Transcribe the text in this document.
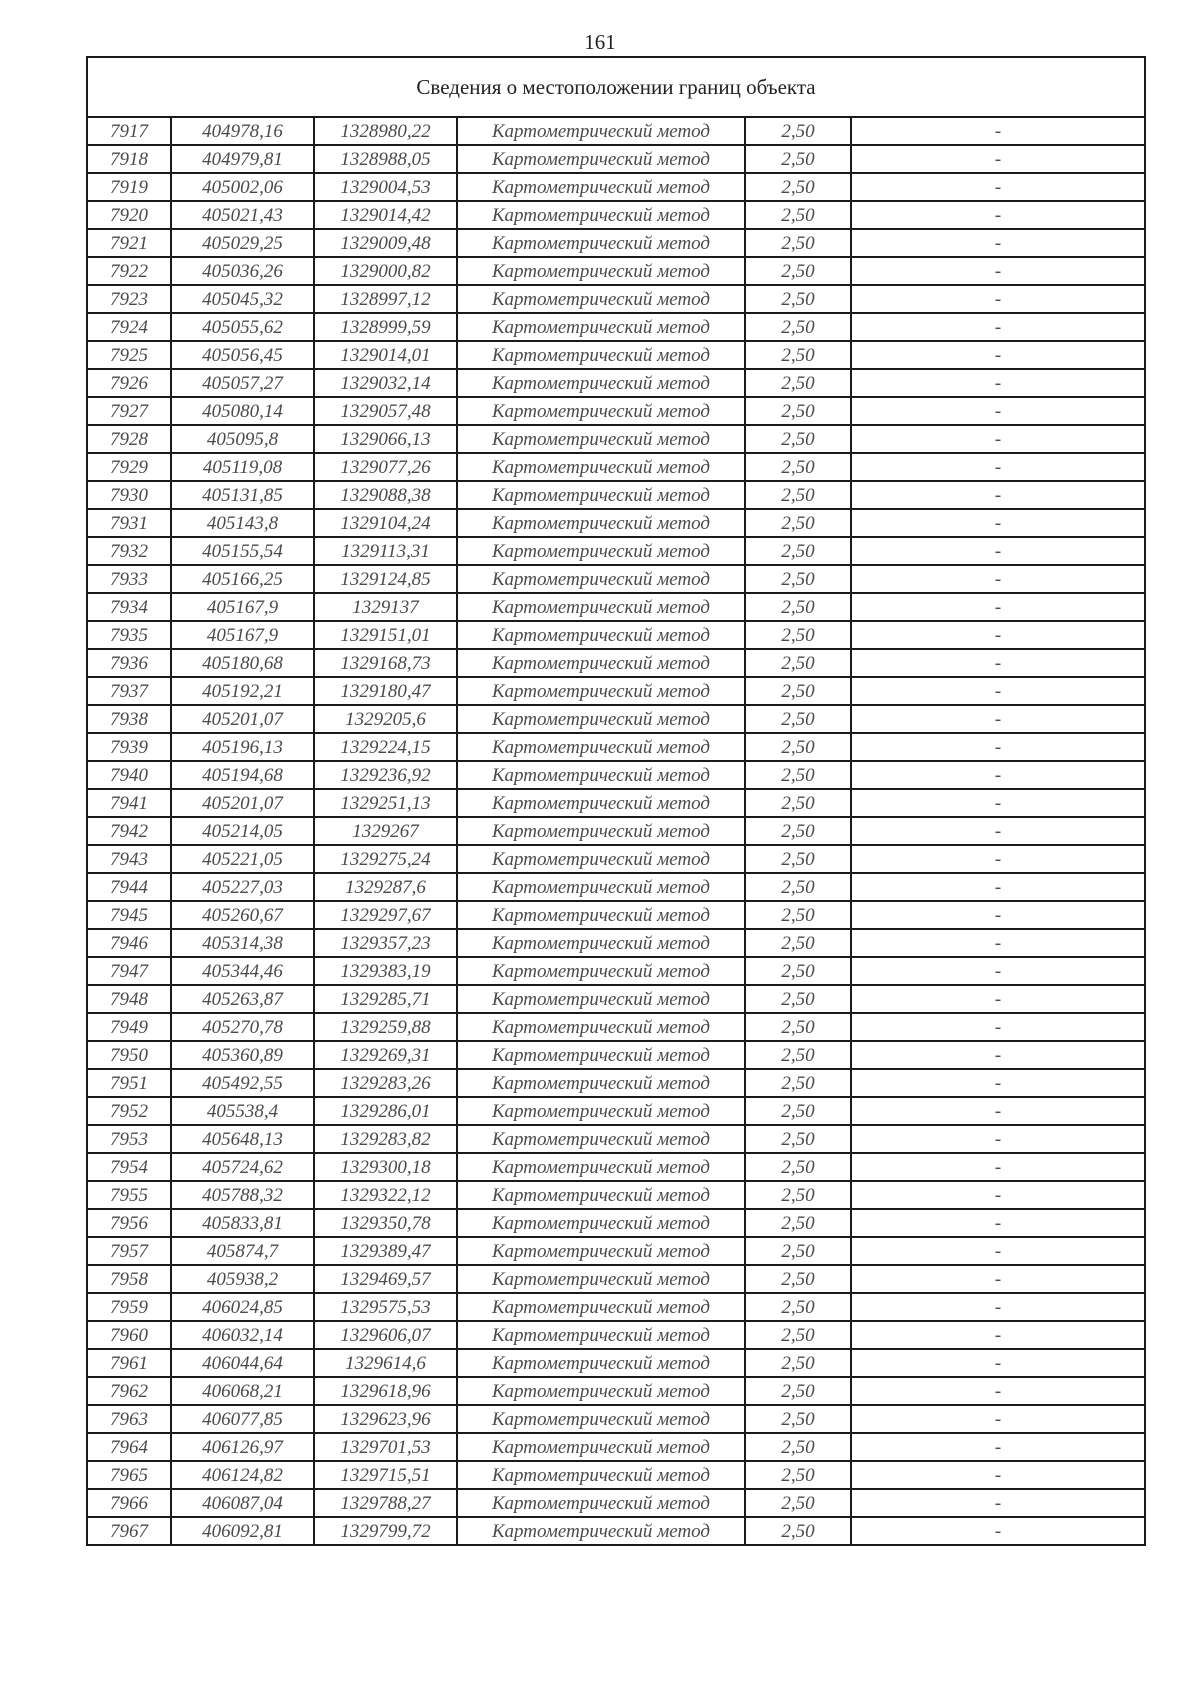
161
Сведения о местоположении границ объекта					
7917	404978,16	1328980,22	Картометрический метод	2,50	-
7918	404979,81	1328988,05	Картометрический метод	2,50	-
7919	405002,06	1329004,53	Картометрический метод	2,50	-
7920	405021,43	1329014,42	Картометрический метод	2,50	-
7921	405029,25	1329009,48	Картометрический метод	2,50	-
7922	405036,26	1329000,82	Картометрический метод	2,50	-
7923	405045,32	1328997,12	Картометрический метод	2,50	-
7924	405055,62	1328999,59	Картометрический метод	2,50	-
7925	405056,45	1329014,01	Картометрический метод	2,50	-
7926	405057,27	1329032,14	Картометрический метод	2,50	-
7927	405080,14	1329057,48	Картометрический метод	2,50	-
7928	405095,8	1329066,13	Картометрический метод	2,50	-
7929	405119,08	1329077,26	Картометрический метод	2,50	-
7930	405131,85	1329088,38	Картометрический метод	2,50	-
7931	405143,8	1329104,24	Картометрический метод	2,50	-
7932	405155,54	1329113,31	Картометрический метод	2,50	-
7933	405166,25	1329124,85	Картометрический метод	2,50	-
7934	405167,9	1329137	Картометрический метод	2,50	-
7935	405167,9	1329151,01	Картометрический метод	2,50	-
7936	405180,68	1329168,73	Картометрический метод	2,50	-
7937	405192,21	1329180,47	Картометрический метод	2,50	-
7938	405201,07	1329205,6	Картометрический метод	2,50	-
7939	405196,13	1329224,15	Картометрический метод	2,50	-
7940	405194,68	1329236,92	Картометрический метод	2,50	-
7941	405201,07	1329251,13	Картометрический метод	2,50	-
7942	405214,05	1329267	Картометрический метод	2,50	-
7943	405221,05	1329275,24	Картометрический метод	2,50	-
7944	405227,03	1329287,6	Картометрический метод	2,50	-
7945	405260,67	1329297,67	Картометрический метод	2,50	-
7946	405314,38	1329357,23	Картометрический метод	2,50	-
7947	405344,46	1329383,19	Картометрический метод	2,50	-
7948	405263,87	1329285,71	Картометрический метод	2,50	-
7949	405270,78	1329259,88	Картометрический метод	2,50	-
7950	405360,89	1329269,31	Картометрический метод	2,50	-
7951	405492,55	1329283,26	Картометрический метод	2,50	-
7952	405538,4	1329286,01	Картометрический метод	2,50	-
7953	405648,13	1329283,82	Картометрический метод	2,50	-
7954	405724,62	1329300,18	Картометрический метод	2,50	-
7955	405788,32	1329322,12	Картометрический метод	2,50	-
7956	405833,81	1329350,78	Картометрический метод	2,50	-
7957	405874,7	1329389,47	Картометрический метод	2,50	-
7958	405938,2	1329469,57	Картометрический метод	2,50	-
7959	406024,85	1329575,53	Картометрический метод	2,50	-
7960	406032,14	1329606,07	Картометрический метод	2,50	-
7961	406044,64	1329614,6	Картометрический метод	2,50	-
7962	406068,21	1329618,96	Картометрический метод	2,50	-
7963	406077,85	1329623,96	Картометрический метод	2,50	-
7964	406126,97	1329701,53	Картометрический метод	2,50	-
7965	406124,82	1329715,51	Картометрический метод	2,50	-
7966	406087,04	1329788,27	Картометрический метод	2,50	-
7967	406092,81	1329799,72	Картометрический метод	2,50	-
